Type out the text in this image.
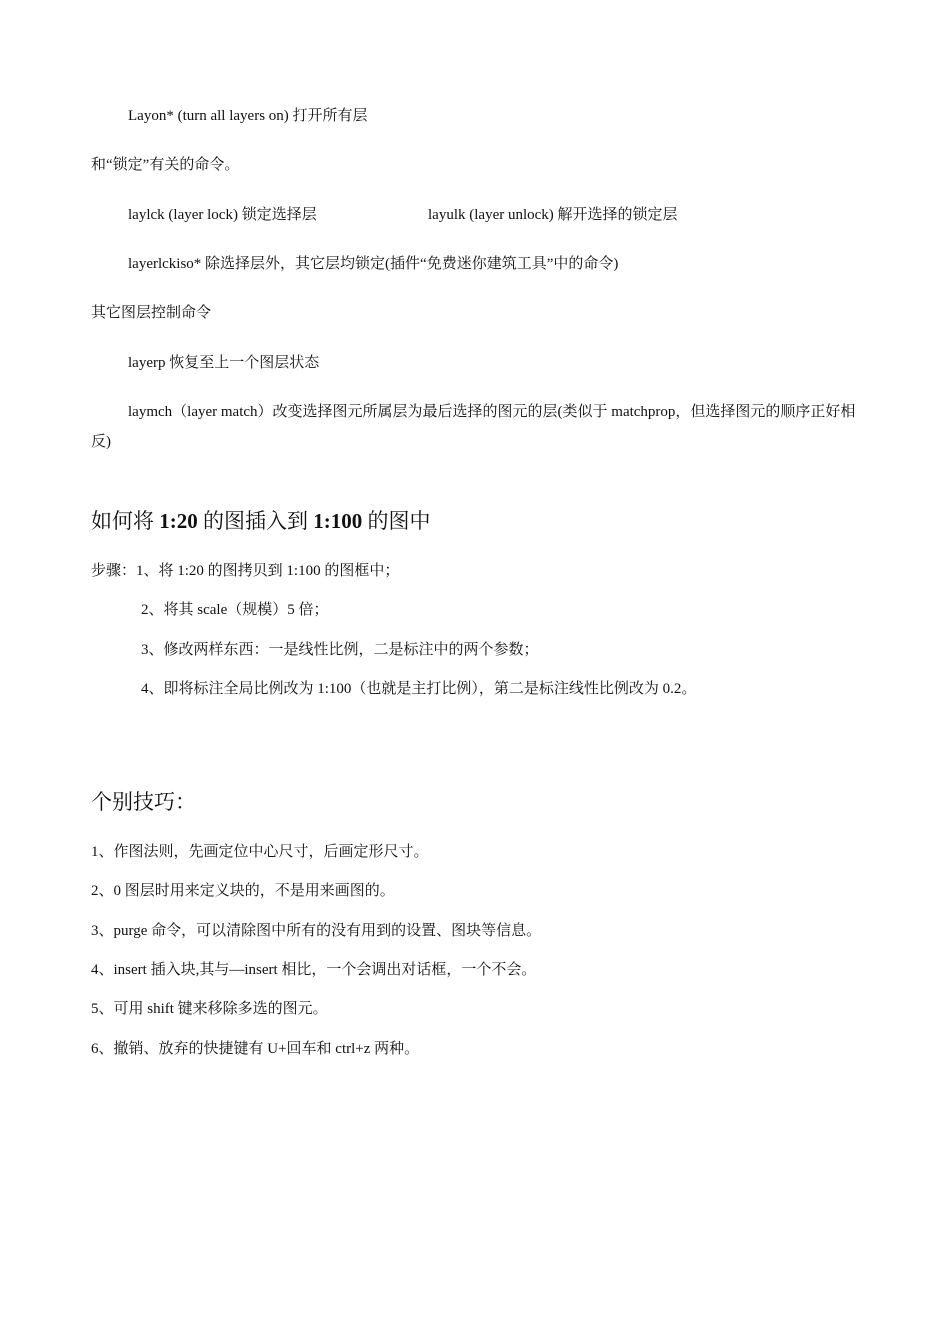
Layon* (turn all layers on) 打开所有层
和“锁定”有关的命令。
laylck (layer lock) 锁定选择层	layulk (layer unlock) 解开选择的锁定层
layerlckiso* 除选择层外，其它层均锁定(插件“免费迷你建筑工具”中的命令)
其它图层控制命令
layerp 恢复至上一个图层状态
laymch（layer match）改变选择图元所属层为最后选择的图元的层(类似于 matchprop，但选择图元的顺序正好相反)
如何将 1:20 的图插入到 1:100 的图中
步骤：1、将 1:20 的图拷贝到 1:100 的图框中；
2、将其 scale（规模）5 倍；
3、修改两样东西：一是线性比例，二是标注中的两个参数；
4、即将标注全局比例改为 1:100（也就是主打比例），第二是标注线性比例改为 0.2。
个别技巧：
1、作图法则，先画定位中心尺寸，后画定形尺寸。
2、0 图层时用来定义块的，不是用来画图的。
3、purge 命令，可以清除图中所有的没有用到的设置、图块等信息。
4、insert 插入块,其与—insert 相比，一个会调出对话框，一个不会。
5、可用 shift 键来移除多选的图元。
6、撤销、放弃的快捷键有 U+回车和 ctrl+z 两种。
